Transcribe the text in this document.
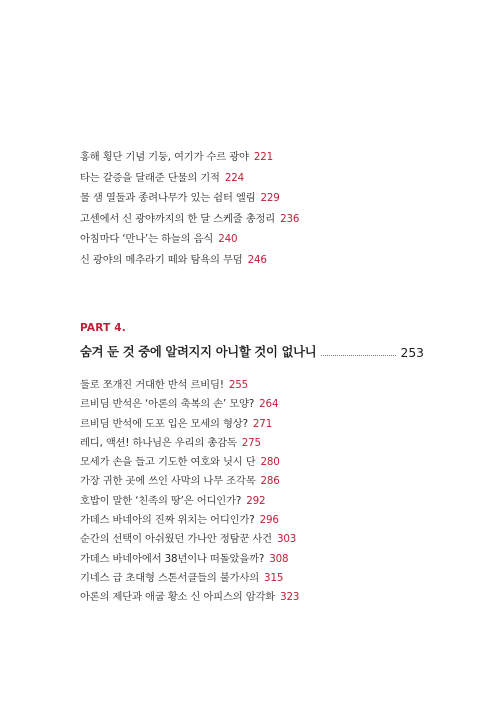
홍해 횡단 기념 기둥, 여기가 수르 광야 221
타는 갈증을 달래준 단물의 기적 224
물 샘 열둘과 종려나무가 있는 쉼터 엘림 229
고센에서 신 광야까지의 한 달 스케줄 총정리 236
아침마다 ‘만나’는 하늘의 음식 240
신 광야의 메추라기 떼와 탐욕의 무덤 246
PART 4.
숨겨 둔 것 중에 알려지지 아니할 것이 없나니	253
둘로 쪼개진 거대한 반석 르비딤! 255
르비딤 반석은 ‘아론의 축복의 손’ 모양? 264
르비딤 반석에 도포 입은 모세의 형상? 271
레디, 액션! 하나님은 우리의 총감독 275
모세가 손을 들고 기도한 여호와 닛시 단 280
가장 귀한 곳에 쓰인 사막의 나무 조각목 286
호밥이 말한 ‘친족의 땅’은 어디인가? 292
가데스 바네아의 진짜 위치는 어디인가? 296
순간의 선택이 아쉬웠던 가나안 정탐꾼 사건 303
가데스 바네아에서 38년이나 떠돌았을까? 308
기네스 급 초대형 스톤서클들의 불가사의 315
아론의 제단과 애굽 황소 신 아피스의 암각화 323
